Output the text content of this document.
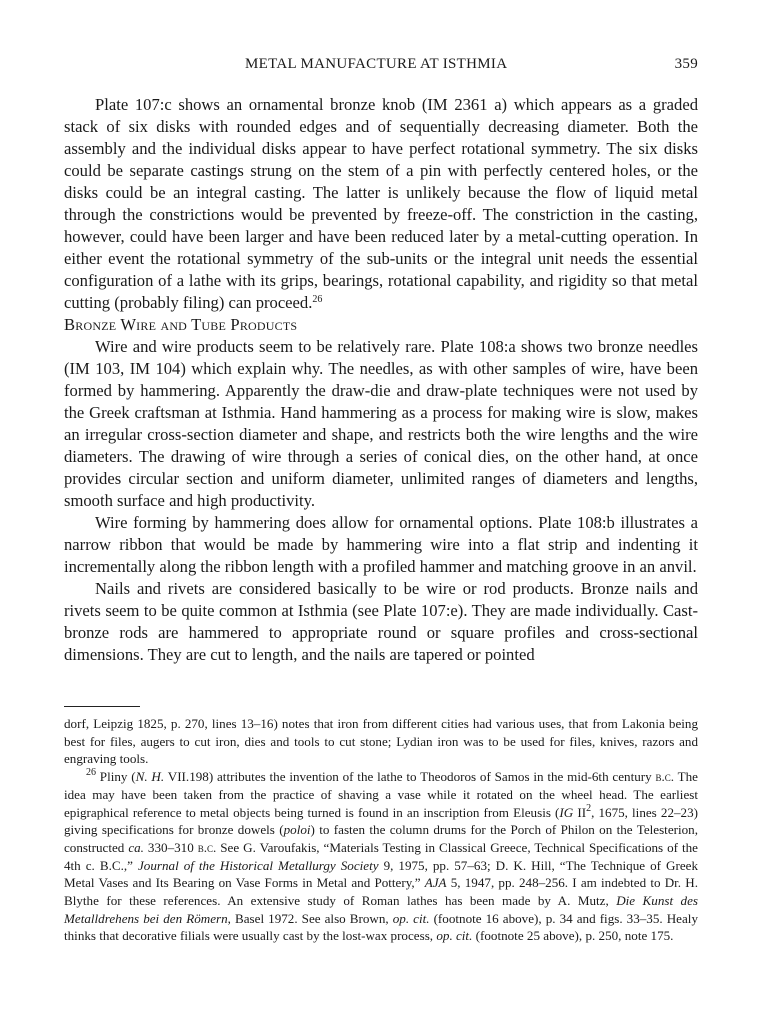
METAL MANUFACTURE AT ISTHMIA	359

Plate 107:c shows an ornamental bronze knob (IM 2361 a) which appears as a graded stack of six disks with rounded edges and of sequentially decreasing diameter. Both the assembly and the individual disks appear to have perfect rotational symmetry. The six disks could be separate castings strung on the stem of a pin with perfectly centered holes, or the disks could be an integral casting. The latter is unlikely because the flow of liquid metal through the constrictions would be prevented by freeze-off. The constriction in the casting, however, could have been larger and have been reduced later by a metal-cutting operation. In either event the rotational symmetry of the sub-units or the integral unit needs the essential configuration of a lathe with its grips, bearings, rotational capability, and rigidity so that metal cutting (probably filing) can proceed.$^{26}$

Bronze Wire and Tube Products

Wire and wire products seem to be relatively rare. Plate 108:a shows two bronze needles (IM 103, IM 104) which explain why. The needles, as with other samples of wire, have been formed by hammering. Apparently the draw-die and draw-plate techniques were not used by the Greek craftsman at Isthmia. Hand hammering as a process for making wire is slow, makes an irregular cross-section diameter and shape, and restricts both the wire lengths and the wire diameters. The drawing of wire through a series of conical dies, on the other hand, at once provides circular section and uniform diameter, unlimited ranges of diameters and lengths, smooth surface and high productivity.

Wire forming by hammering does allow for ornamental options. Plate 108:b illustrates a narrow ribbon that would be made by hammering wire into a flat strip and indenting it incrementally along the ribbon length with a profiled hammer and matching groove in an anvil.

Nails and rivets are considered basically to be wire or rod products. Bronze nails and rivets seem to be quite common at Isthmia (see Plate 107:e). They are made individually. Cast-bronze rods are hammered to appropriate round or square profiles and cross-sectional dimensions. They are cut to length, and the nails are tapered or pointed

dorf, Leipzig 1825, p. 270, lines 13–16) notes that iron from different cities had various uses, that from Lakonia being best for files, augers to cut iron, dies and tools to cut stone; Lydian iron was to be used for files, knives, razors and engraving tools.

$^{26}$ Pliny (N. H. VII.198) attributes the invention of the lathe to Theodoros of Samos in the mid-6th century b.c. The idea may have been taken from the practice of shaving a vase while it rotated on the wheel head. The earliest epigraphical reference to metal objects being turned is found in an inscription from Eleusis (IG $II^2$, 1675, lines 22–23) giving specifications for bronze dowels (poloi) to fasten the column drums for the Porch of Philon on the Telesterion, constructed ca. 330–310 b.c. See G. Varoufakis, “Materials Testing in Classical Greece, Technical Specifications of the 4th c. B.C.,” Journal of the Historical Metallurgy Society 9, 1975, pp. 57–63; D. K. Hill, “The Technique of Greek Metal Vases and Its Bearing on Vase Forms in Metal and Pottery,” AJA 5, 1947, pp. 248–256. I am indebted to Dr. H. Blythe for these references. An extensive study of Roman lathes has been made by A. Mutz, Die Kunst des Metalldrehens bei den Römern, Basel 1972. See also Brown, op. cit. (footnote 16 above), p. 34 and figs. 33–35. Healy thinks that decorative filials were usually cast by the lost-wax process, op. cit. (footnote 25 above), p. 250, note 175.
